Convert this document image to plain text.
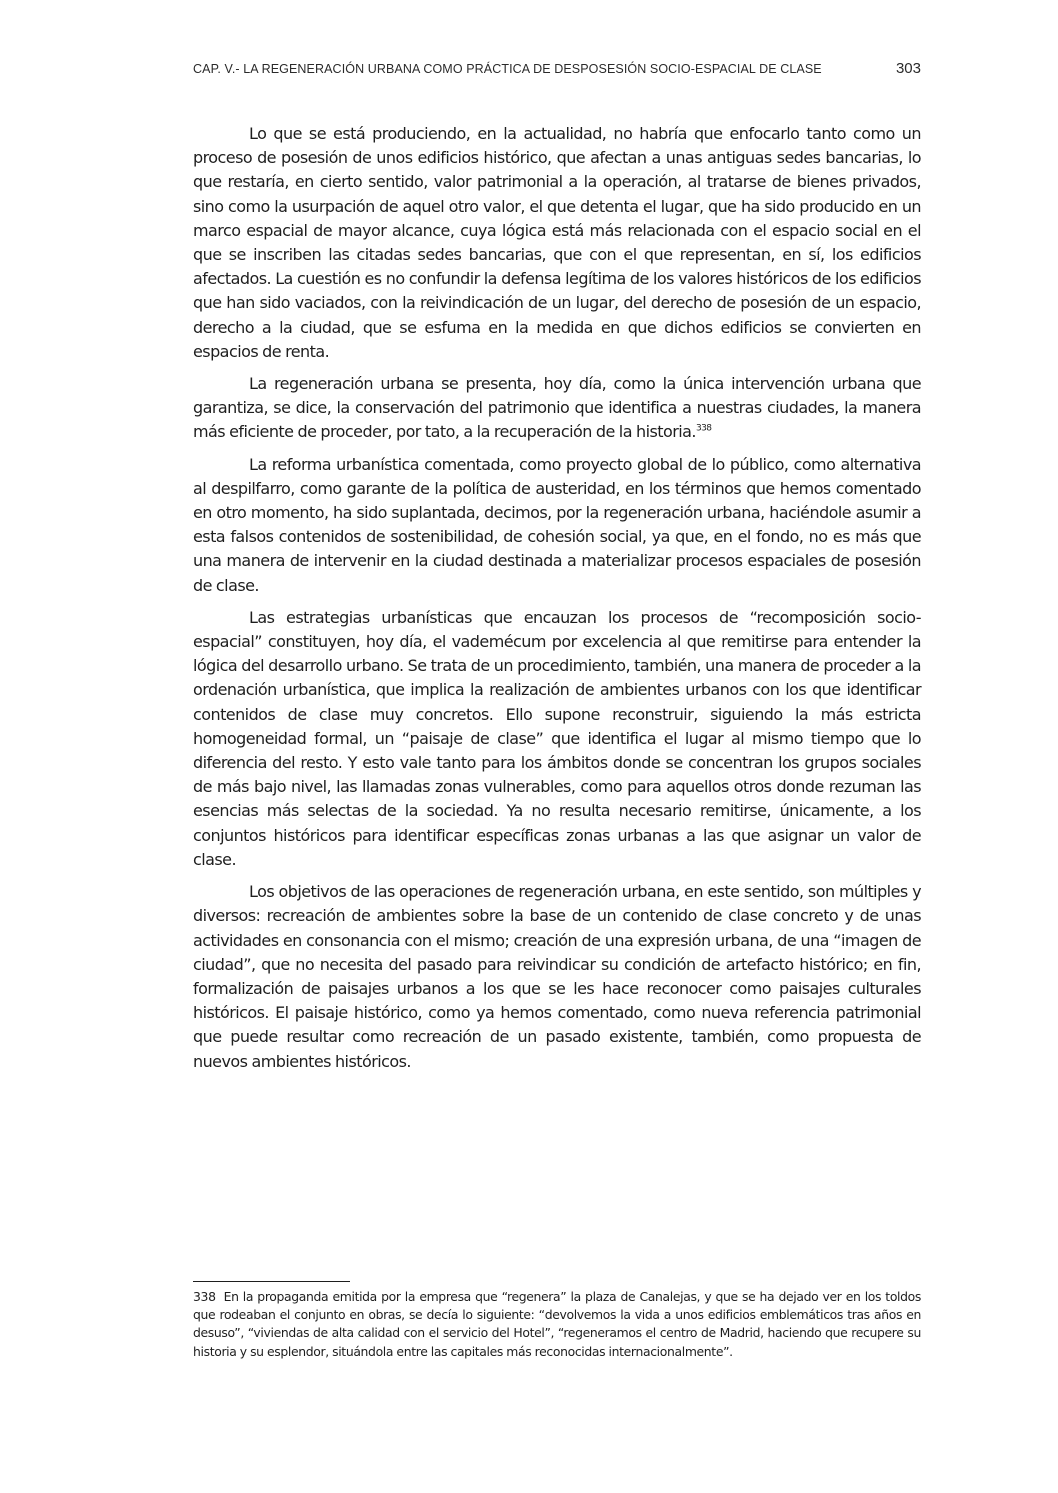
CAP. V.- LA REGENERACIÓN URBANA COMO PRÁCTICA DE DESPOSESIÓN SOCIO-ESPACIAL DE CLASE	303

Lo que se está produciendo, en la actualidad, no habría que enfocarlo tanto como un proceso de posesión de unos edificios histórico, que afectan a unas antiguas sedes bancarias, lo que restaría, en cierto sentido, valor patrimonial a la operación, al tratarse de bienes privados, sino como la usurpación de aquel otro valor, el que detenta el lugar, que ha sido producido en un marco espacial de mayor alcance, cuya lógica está más relacionada con el espacio social en el que se inscriben las citadas sedes bancarias, que con el que representan, en sí, los edificios afectados. La cuestión es no confundir la defensa legítima de los valores históricos de los edificios que han sido vaciados, con la reivindicación de un lugar, del derecho de posesión de un espacio, derecho a la ciudad, que se esfuma en la medida en que dichos edificios se convierten en espacios de renta.

La regeneración urbana se presenta, hoy día, como la única intervención urbana que garantiza, se dice, la conservación del patrimonio que identifica a nuestras ciudades, la manera más eficiente de proceder, por tato, a la recuperación de la historia.$^{338}$

La reforma urbanística comentada, como proyecto global de lo público, como alternativa al despilfarro, como garante de la política de austeridad, en los términos que hemos comentado en otro momento, ha sido suplantada, decimos, por la regeneración urbana, haciéndole asumir a esta falsos contenidos de sostenibilidad, de cohesión social, ya que, en el fondo, no es más que una manera de intervenir en la ciudad destinada a materializar procesos espaciales de posesión de clase.

Las estrategias urbanísticas que encauzan los procesos de “recomposición socio-espacial” constituyen, hoy día, el vademécum por excelencia al que remitirse para entender la lógica del desarrollo urbano. Se trata de un procedimiento, también, una manera de proceder a la ordenación urbanística, que implica la realización de ambientes urbanos con los que identificar contenidos de clase muy concretos. Ello supone reconstruir, siguiendo la más estricta homogeneidad formal, un “paisaje de clase” que identifica el lugar al mismo tiempo que lo diferencia del resto. Y esto vale tanto para los ámbitos donde se concentran los grupos sociales de más bajo nivel, las llamadas zonas vulnerables, como para aquellos otros donde rezuman las esencias más selectas de la sociedad. Ya no resulta necesario remitirse, únicamente, a los conjuntos históricos para identificar específicas zonas urbanas a las que asignar un valor de clase.

Los objetivos de las operaciones de regeneración urbana, en este sentido, son múltiples y diversos: recreación de ambientes sobre la base de un contenido de clase concreto y de unas actividades en consonancia con el mismo; creación de una expresión urbana, de una “imagen de ciudad”, que no necesita del pasado para reivindicar su condición de artefacto histórico; en fin, formalización de paisajes urbanos a los que se les hace reconocer como paisajes culturales históricos. El paisaje histórico, como ya hemos comentado, como nueva referencia patrimonial que puede resultar como recreación de un pasado existente, también, como propuesta de nuevos ambientes históricos.

338 En la propaganda emitida por la empresa que “regenera” la plaza de Canalejas, y que se ha dejado ver en los toldos que rodeaban el conjunto en obras, se decía lo siguiente: “devolvemos la vida a unos edificios emblemáticos tras años en desuso”, “viviendas de alta calidad con el servicio del Hotel”, “regeneramos el centro de Madrid, haciendo que recupere su historia y su esplendor, situándola entre las capitales más reconocidas internacionalmente”.
